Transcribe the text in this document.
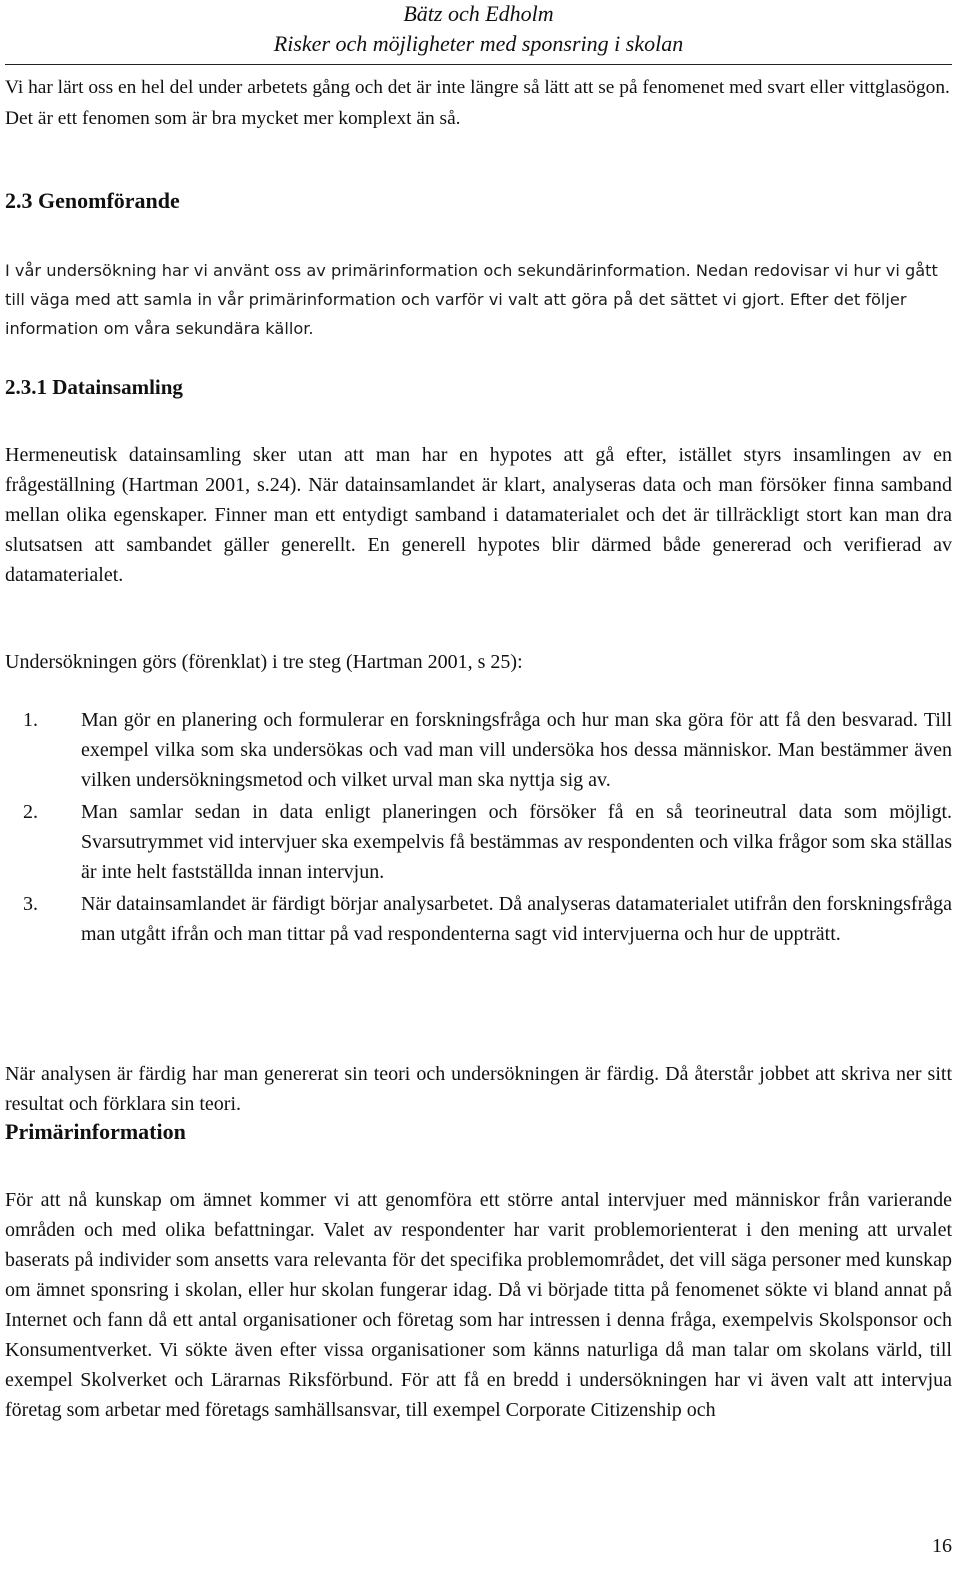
Bätz och Edholm
Risker och möjligheter med sponsring i skolan

Vi har lärt oss en hel del under arbetets gång och det är inte längre så lätt att se på fenomenet med svart eller vittglasögon. Det är ett fenomen som är bra mycket mer komplext än så.

2.3 Genomförande

I vår undersökning har vi använt oss av primärinformation och sekundärinformation. Nedan redovisar vi hur vi gått till väga med att samla in vår primärinformation och varför vi valt att göra på det sättet vi gjort. Efter det följer information om våra sekundära källor.

2.3.1 Datainsamling

Hermeneutisk datainsamling sker utan att man har en hypotes att gå efter, istället styrs insamlingen av en frågeställning (Hartman 2001, s.24). När datainsamlandet är klart, analyseras data och man försöker finna samband mellan olika egenskaper. Finner man ett entydigt samband i datamaterialet och det är tillräckligt stort kan man dra slutsatsen att sambandet gäller generellt. En generell hypotes blir därmed både genererad och verifierad av datamaterialet.

Undersökningen görs (förenklat) i tre steg (Hartman 2001, s 25):

1. Man gör en planering och formulerar en forskningsfråga och hur man ska göra för att få den besvarad. Till exempel vilka som ska undersökas och vad man vill undersöka hos dessa människor. Man bestämmer även vilken undersökningsmetod och vilket urval man ska nyttja sig av.
2. Man samlar sedan in data enligt planeringen och försöker få en så teorineutral data som möjligt. Svarsutrymmet vid intervjuer ska exempelvis få bestämmas av respondenten och vilka frågor som ska ställas är inte helt fastställda innan intervjun.
3. När datainsamlandet är färdigt börjar analysarbetet. Då analyseras datamaterialet utifrån den forskningsfråga man utgått ifrån och man tittar på vad respondenterna sagt vid intervjuerna och hur de uppträtt.

När analysen är färdig har man genererat sin teori och undersökningen är färdig. Då återstår jobbet att skriva ner sitt resultat och förklara sin teori.

Primärinformation

För att nå kunskap om ämnet kommer vi att genomföra ett större antal intervjuer med människor från varierande områden och med olika befattningar. Valet av respondenter har varit problemorienterat i den mening att urvalet baserats på individer som ansetts vara relevanta för det specifika problemområdet, det vill säga personer med kunskap om ämnet sponsring i skolan, eller hur skolan fungerar idag. Då vi började titta på fenomenet sökte vi bland annat på Internet och fann då ett antal organisationer och företag som har intressen i denna fråga, exempelvis Skolsponsor och Konsumentverket. Vi sökte även efter vissa organisationer som känns naturliga då man talar om skolans värld, till exempel Skolverket och Lärarnas Riksförbund. För att få en bredd i undersökningen har vi även valt att intervjua företag som arbetar med företags samhällsansvar, till exempel Corporate Citizenship och

16
